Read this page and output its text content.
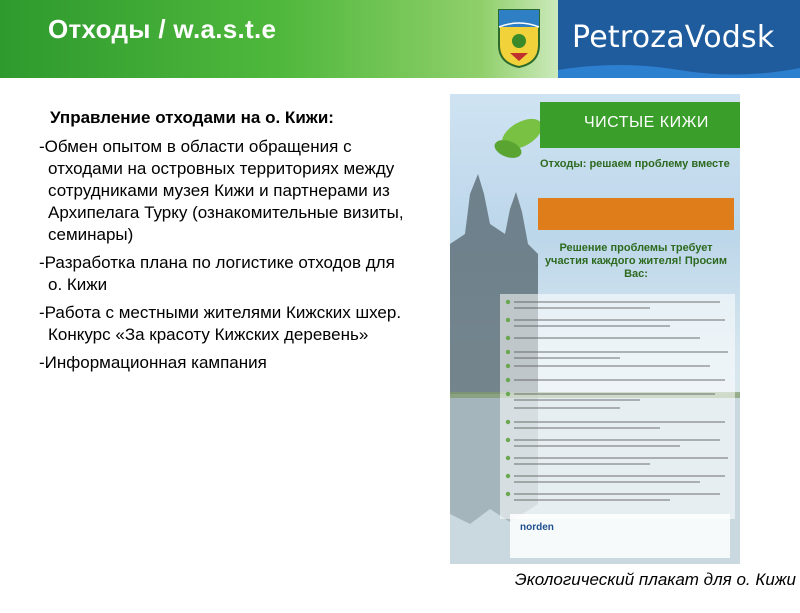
Отходы / w.a.s.t.e	PetrozaVodsk
Управление отходами на о. Кижи:
-Обмен опытом в области обращения с отходами на островных территориях между сотрудниками музея Кижи и партнерами из Архипелага Турку (ознакомительные визиты, семинары)
-Разработка плана по логистике отходов для о. Кижи
-Работа с местными жителями Кижских шхер. Конкурс «За красоту Кижских деревень»
-Информационная кампания
ЧИСТЫЕ КИЖИ
Отходы: решаем проблему вместе
Решение проблемы требует участия каждого жителя! Просим Вас:
norden
Экологический плакат для о. Кижи
